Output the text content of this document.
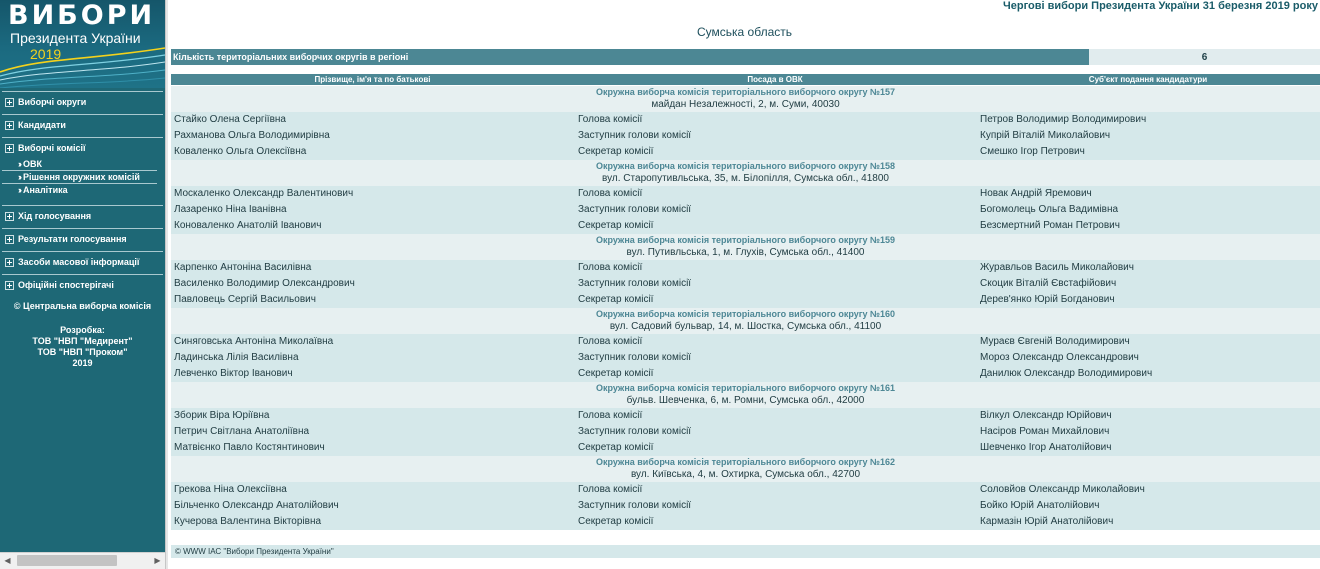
ВИБОРИ
Президента України
2019
Виборчі округи
Кандидати
Виборчі комісії
›› ОВК
›› Рішення окружних комісій
›› Аналітика
Хід голосування
Результати голосування
Засоби масової інформації
Офіційні спостерігачі
© Центральна виборча комісія
Розробка:
ТОВ "НВП "Медирент"
ТОВ "НВП "Проком"
2019
◀	▶
Чергові вибори Президента України 31 березня 2019 року
Сумська область
Кількість територіальних виборчих округів в регіоні	6
Прізвище, ім'я та по батькові	Посада в ОВК	Суб'єкт подання кандидатури
Окружна виборча комісія територіального виборчого округу №157
майдан Незалежності, 2, м. Суми, 40030
Стайко Олена Сергіївна	Голова комісії	Петров Володимир Володимирович
Рахманова Ольга Володимирівна	Заступник голови комісії	Купрій Віталій Миколайович
Коваленко Ольга Олексіївна	Секретар комісії	Смешко Ігор Петрович
Окружна виборча комісія територіального виборчого округу №158
вул. Старопутивльська, 35, м. Білопілля, Сумська обл., 41800
Москаленко Олександр Валентинович	Голова комісії	Новак Андрій Яремович
Лазаренко Ніна Іванівна	Заступник голови комісії	Богомолець Ольга Вадимівна
Коноваленко Анатолій Іванович	Секретар комісії	Безсмертний Роман Петрович
Окружна виборча комісія територіального виборчого округу №159
вул. Путивльська, 1, м. Глухів, Сумська обл., 41400
Карпенко Антоніна Василівна	Голова комісії	Журавльов Василь Миколайович
Василенко Володимир Олександрович	Заступник голови комісії	Скоцик Віталій Євстафійович
Павловець Сергій Васильович	Секретар комісії	Дерев'янко Юрій Богданович
Окружна виборча комісія територіального виборчого округу №160
вул. Садовий бульвар, 14, м. Шостка, Сумська обл., 41100
Синяговська Антоніна Миколаївна	Голова комісії	Мураєв Євгеній Володимирович
Ладинська Лілія Василівна	Заступник голови комісії	Мороз Олександр Олександрович
Левченко Віктор Іванович	Секретар комісії	Данилюк Олександр Володимирович
Окружна виборча комісія територіального виборчого округу №161
бульв. Шевченка, 6, м. Ромни, Сумська обл., 42000
Зборик Віра Юріївна	Голова комісії	Вілкул Олександр Юрійович
Петрич Світлана Анатоліївна	Заступник голови комісії	Насіров Роман Михайлович
Матвієнко Павло Костянтинович	Секретар комісії	Шевченко Ігор Анатолійович
Окружна виборча комісія територіального виборчого округу №162
вул. Київська, 4, м. Охтирка, Сумська обл., 42700
Грекова Ніна Олексіївна	Голова комісії	Соловйов Олександр Миколайович
Більченко Олександр Анатолійович	Заступник голови комісії	Бойко Юрій Анатолійович
Кучерова Валентина Вікторівна	Секретар комісії	Кармазін Юрій Анатолійович
© WWW ІАС "Вибори Президента України"
